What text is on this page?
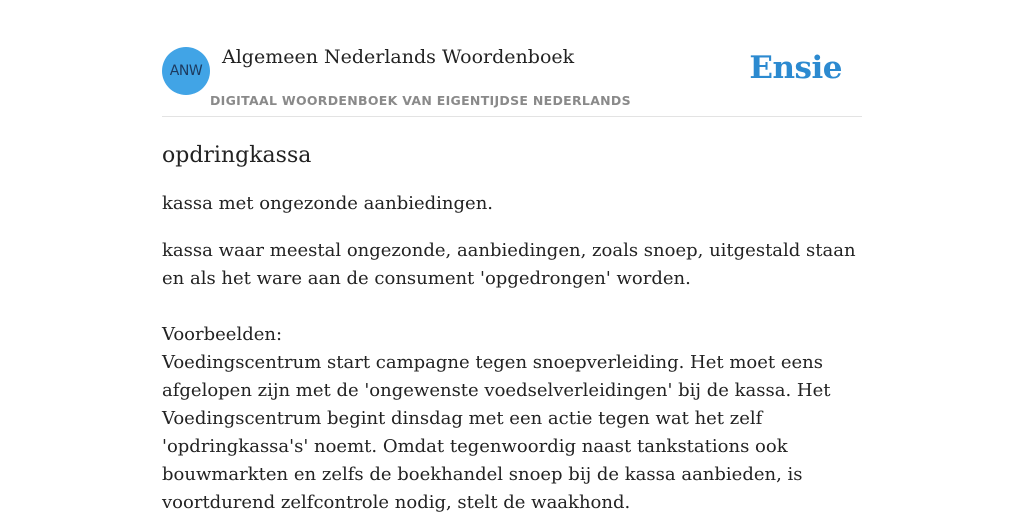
ANW
Algemeen Nederlands Woordenboek
DIGITAAL WOORDENBOEK VAN EIGENTIJDSE NEDERLANDS
Ensie
opdringkassa

kassa met ongezonde aanbiedingen.

kassa waar meestal ongezonde, aanbiedingen, zoals snoep, uitgestald staan en als het ware aan de consument 'opgedrongen' worden.

Voorbeelden:
Voedingscentrum start campagne tegen snoepverleiding. Het moet eens afgelopen zijn met de 'ongewenste voedselverleidingen' bij de kassa. Het Voedingscentrum begint dinsdag met een actie tegen wat het zelf 'opdringkassa's' noemt. Omdat tegenwoordig naast tankstations ook bouwmarkten en zelfs de boekhandel snoep bij de kassa aanbieden, is voortdurend zelfcontrole nodig, stelt de waakhond.
